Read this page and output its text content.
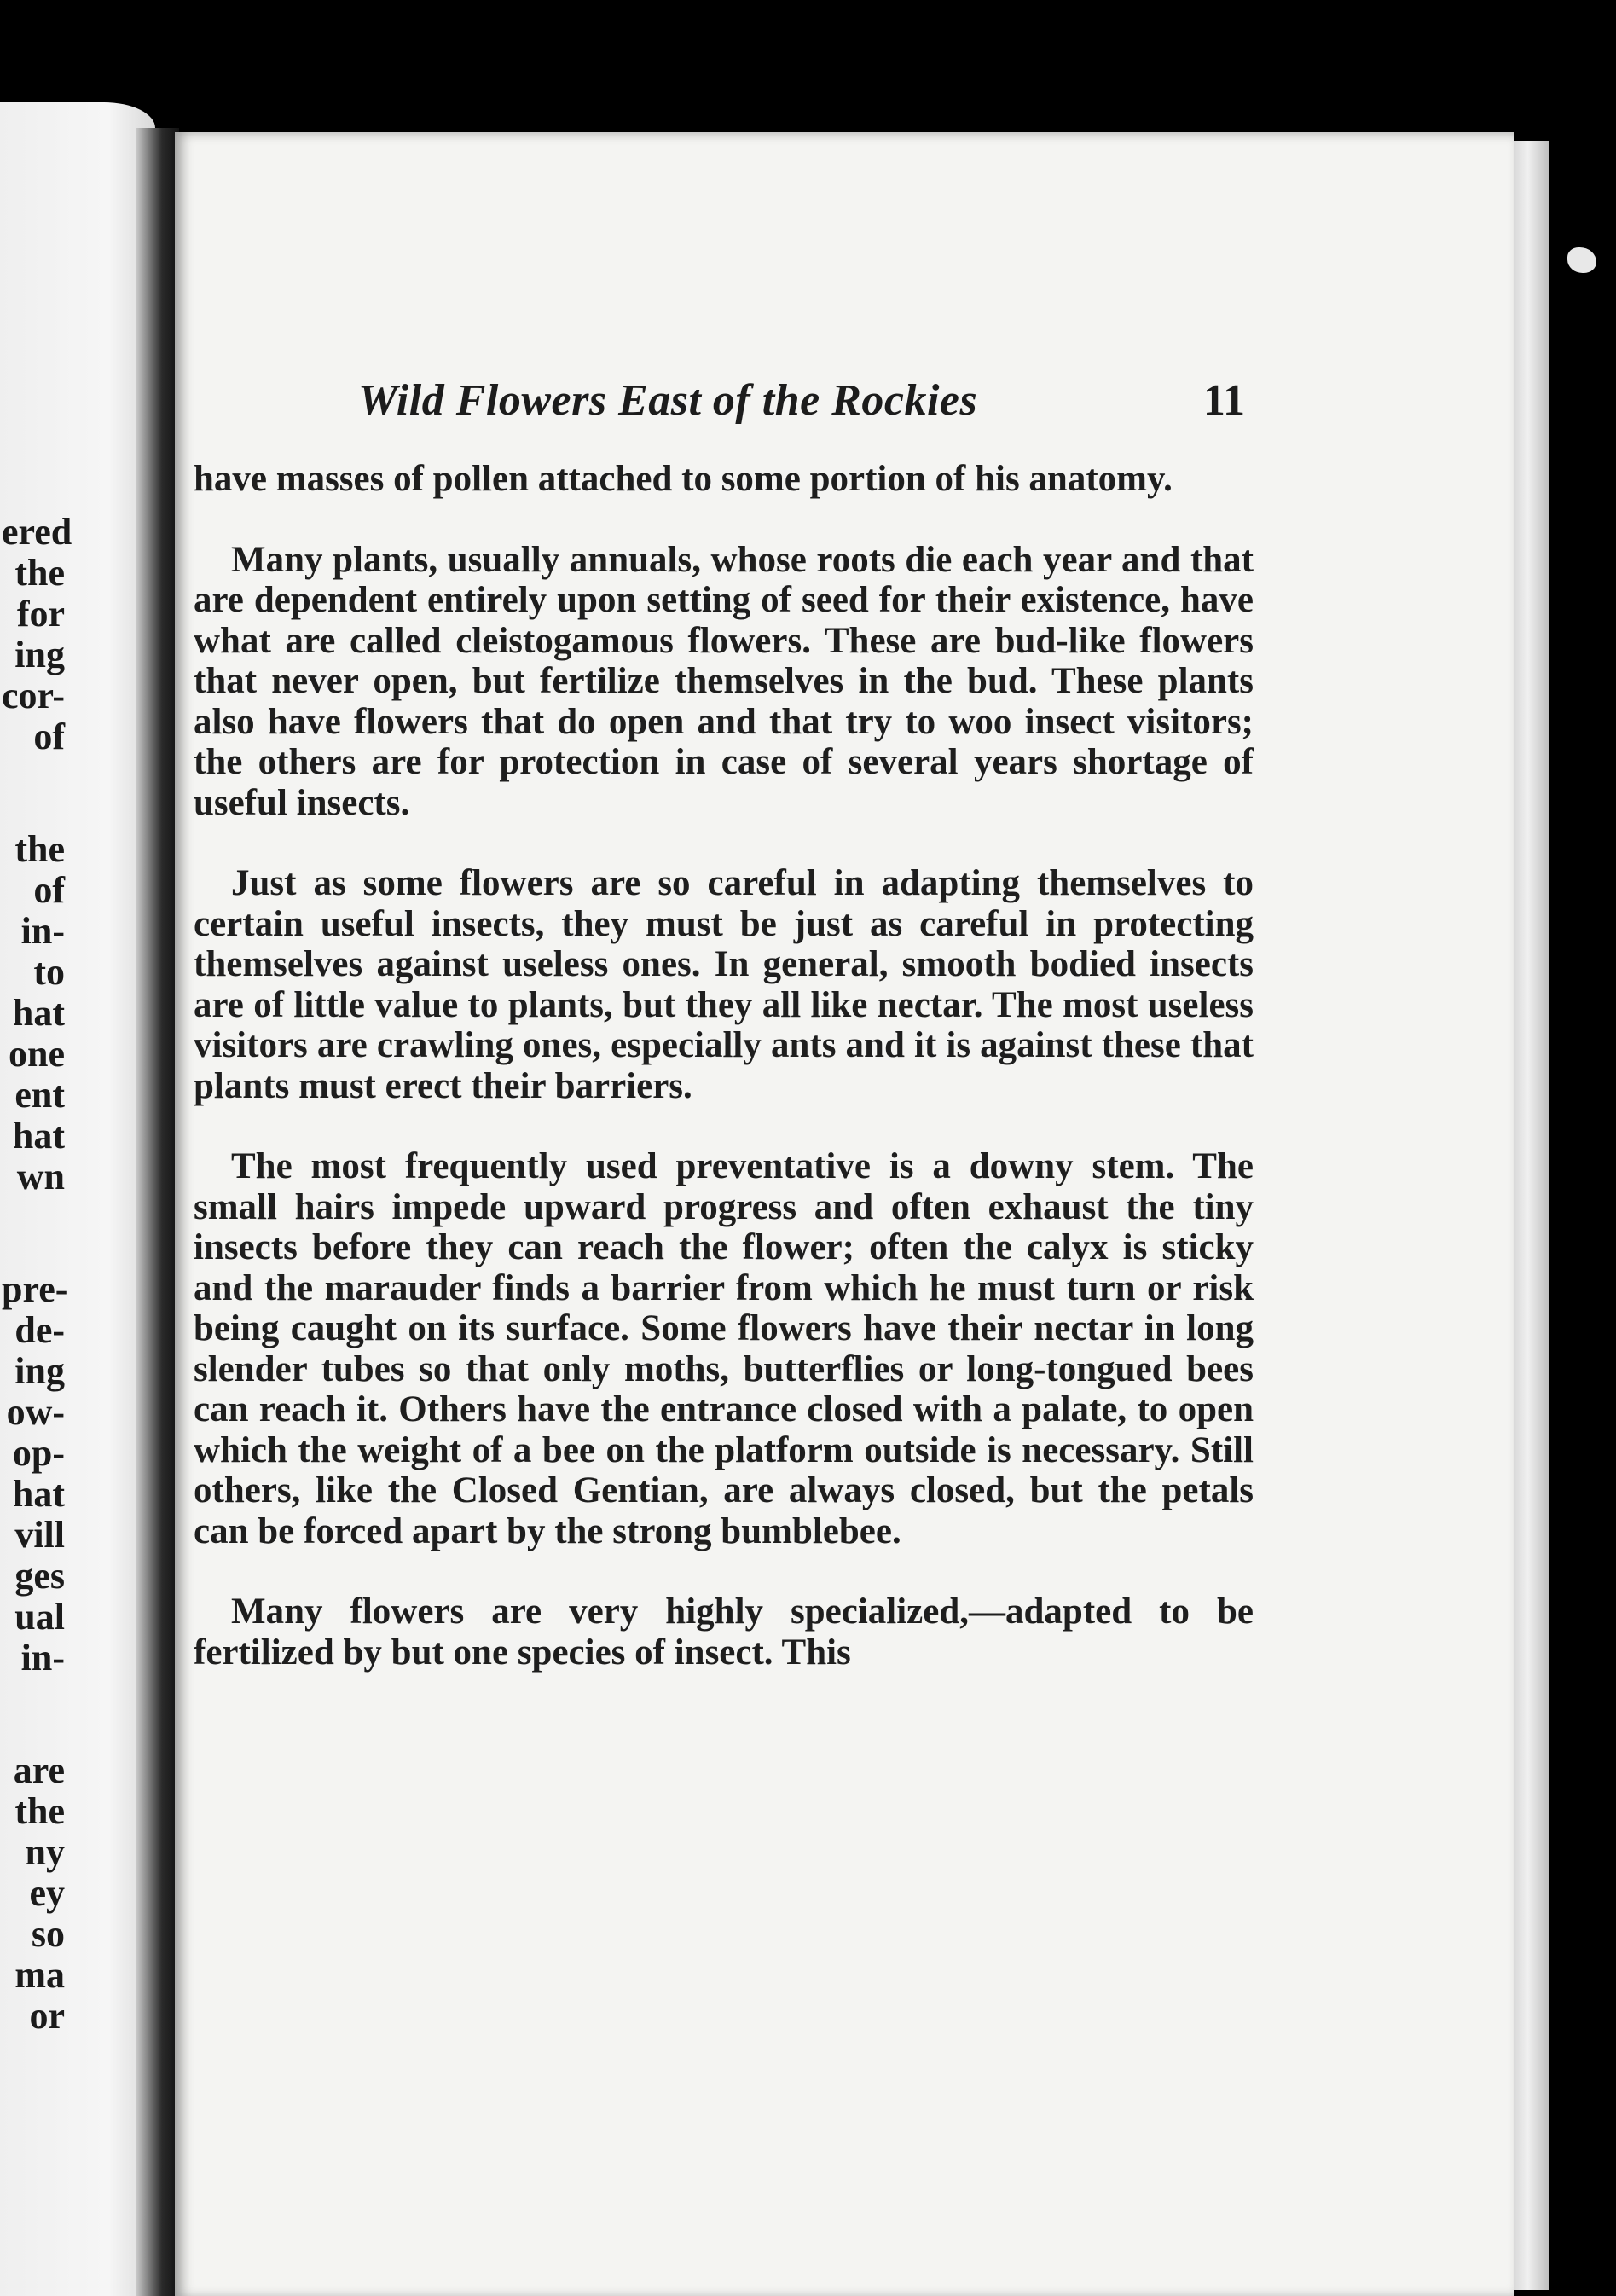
ered
the
for
ing
cor-
of
the
of
in-
to
hat
one
ent
hat
wn
pre-
de-
ing
ow-
op-
hat
vill
ges
ual
in-
are
the
ny
ey
so
ma
or
Wild Flowers East of the Rockies	11

have masses of pollen attached to some portion of his anatomy.

Many plants, usually annuals, whose roots die each year and that are dependent entirely upon setting of seed for their existence, have what are called cleistogamous flowers. These are bud-like flowers that never open, but fertilize themselves in the bud. These plants also have flowers that do open and that try to woo insect visitors; the others are for protection in case of several years shortage of useful insects.

Just as some flowers are so careful in adapting themselves to certain useful insects, they must be just as careful in protecting themselves against useless ones. In general, smooth bodied insects are of little value to plants, but they all like nectar. The most useless visitors are crawling ones, especially ants and it is against these that plants must erect their barriers.

The most frequently used preventative is a downy stem. The small hairs impede upward progress and often exhaust the tiny insects before they can reach the flower; often the calyx is sticky and the marauder finds a barrier from which he must turn or risk being caught on its surface. Some flowers have their nectar in long slender tubes so that only moths, butterflies or long-tongued bees can reach it. Others have the entrance closed with a palate, to open which the weight of a bee on the platform outside is necessary. Still others, like the Closed Gentian, are always closed, but the petals can be forced apart by the strong bumblebee.

Many flowers are very highly specialized,—adapted to be fertilized by but one species of insect. This
